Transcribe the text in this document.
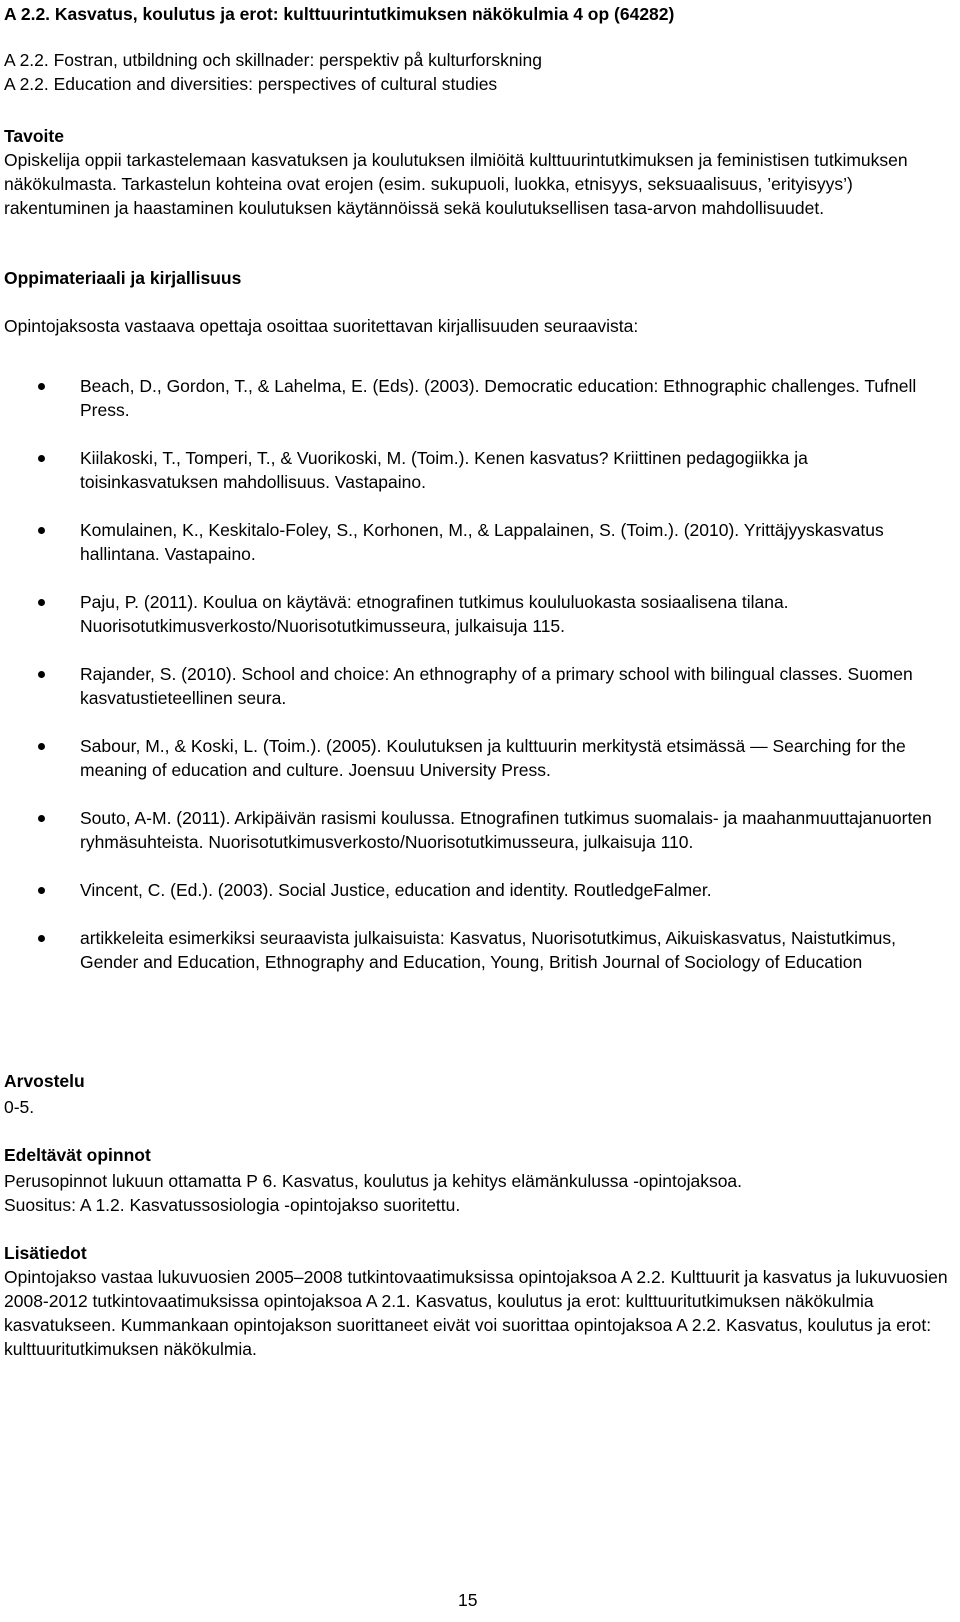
A 2.2. Kasvatus, koulutus ja erot: kulttuurintutkimuksen näkökulmia 4 op (64282)

A 2.2. Fostran, utbildning och skillnader: perspektiv på kulturforskning

A 2.2. Education and diversities: perspectives of cultural studies

Tavoite

Opiskelija oppii tarkastelemaan kasvatuksen ja koulutuksen ilmiöitä kulttuurintutkimuksen ja feministisen tutkimuksen näkökulmasta. Tarkastelun kohteina ovat erojen (esim. sukupuoli, luokka, etnisyys, seksuaalisuus, ’erityisyys’) rakentuminen ja haastaminen koulutuksen käytännöissä sekä koulutuksellisen tasa-arvon mahdollisuudet.

Oppimateriaali ja kirjallisuus

Opintojaksosta vastaava opettaja osoittaa suoritettavan kirjallisuuden seuraavista:

Beach, D., Gordon, T., & Lahelma, E. (Eds). (2003). Democratic education: Ethnographic challenges. Tufnell Press.
Kiilakoski, T., Tomperi, T., & Vuorikoski, M. (Toim.). Kenen kasvatus? Kriittinen pedagogiikka ja toisinkasvatuksen mahdollisuus. Vastapaino.
Komulainen, K., Keskitalo-Foley, S., Korhonen, M., & Lappalainen, S. (Toim.). (2010). Yrittäjyyskasvatus hallintana. Vastapaino.
Paju, P. (2011). Koulua on käytävä: etnografinen tutkimus koululuokasta sosiaalisena tilana. Nuorisotutkimusverkosto/Nuorisotutkimusseura, julkaisuja 115.
Rajander, S. (2010). School and choice: An ethnography of a primary school with bilingual classes. Suomen kasvatustieteellinen seura.
Sabour, M., & Koski, L. (Toim.). (2005). Koulutuksen ja kulttuurin merkitystä etsimässä ― Searching for the meaning of education and culture. Joensuu University Press.
Souto, A-M. (2011). Arkipäivän rasismi koulussa. Etnografinen tutkimus suomalais- ja maahanmuuttajanuorten ryhmäsuhteista. Nuorisotutkimusverkosto/Nuorisotutkimusseura, julkaisuja 110.
Vincent, C. (Ed.). (2003). Social Justice, education and identity. RoutledgeFalmer.
artikkeleita esimerkiksi seuraavista julkaisuista: Kasvatus, Nuorisotutkimus, Aikuiskasvatus, Naistutkimus, Gender and Education, Ethnography and Education, Young, British Journal of Sociology of Education

Arvostelu

0-5.

Edeltävät opinnot

Perusopinnot lukuun ottamatta P 6. Kasvatus, koulutus ja kehitys elämänkulussa -opintojaksoa.

Suositus: A 1.2. Kasvatussosiologia -opintojakso suoritettu.

Lisätiedot

Opintojakso vastaa lukuvuosien 2005–2008 tutkintovaatimuksissa opintojaksoa A 2.2. Kulttuurit ja kasvatus ja lukuvuosien 2008-2012 tutkintovaatimuksissa opintojaksoa A 2.1. Kasvatus, koulutus ja erot: kulttuuritutkimuksen näkökulmia kasvatukseen. Kummankaan opintojakson suorittaneet eivät voi suorittaa opintojaksoa A 2.2. Kasvatus, koulutus ja erot: kulttuuritutkimuksen näkökulmia.

15
